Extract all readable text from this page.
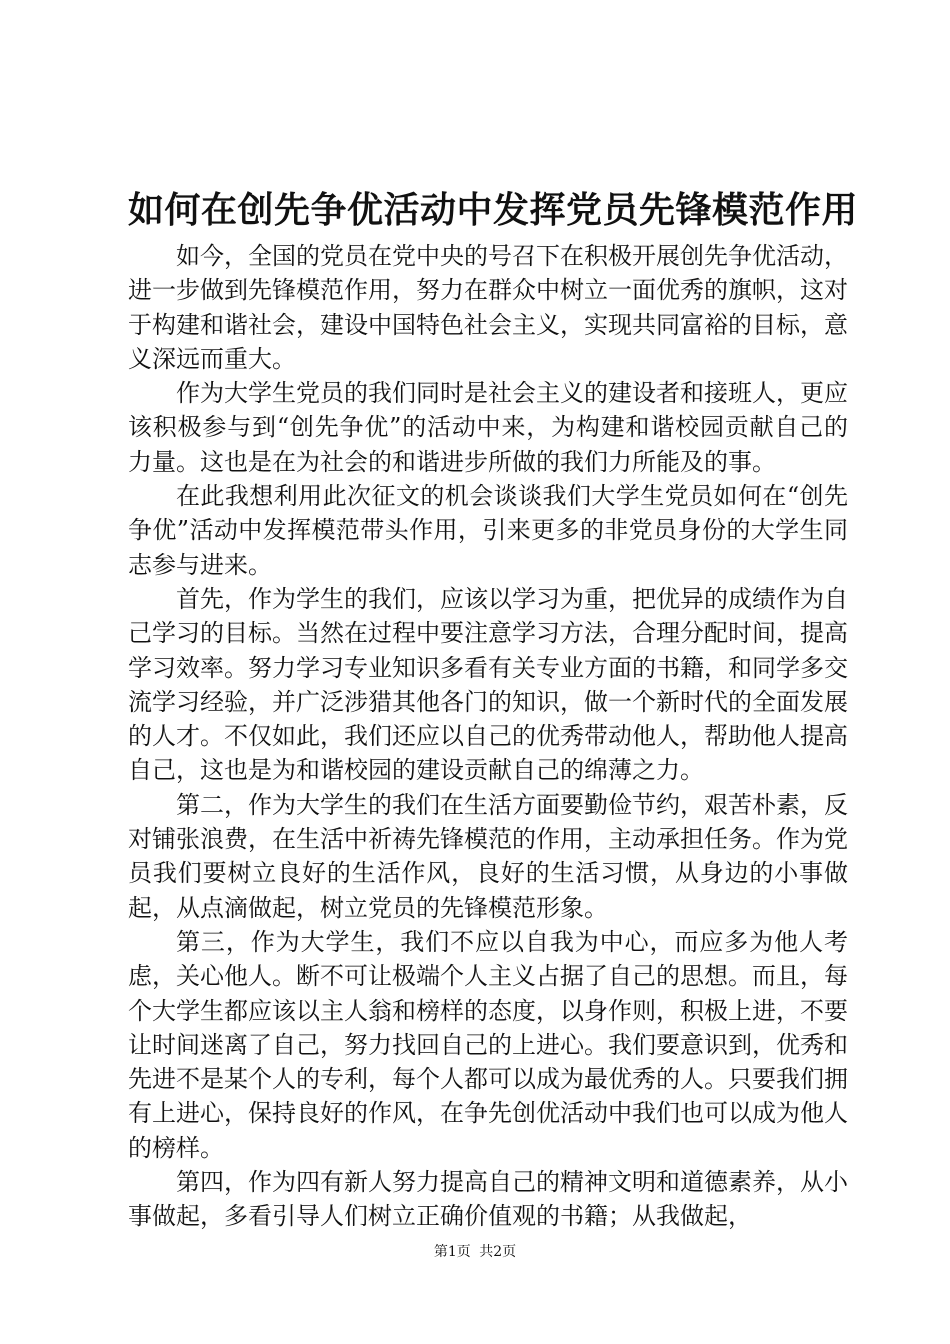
如何在创先争优活动中发挥党员先锋模范作用

如今，全国的党员在党中央的号召下在积极开展创先争优活动，进一步做到先锋模范作用，努力在群众中树立一面优秀的旗帜，这对于构建和谐社会，建设中国特色社会主义，实现共同富裕的目标，意义深远而重大。

作为大学生党员的我们同时是社会主义的建设者和接班人，更应该积极参与到“创先争优”的活动中来，为构建和谐校园贡献自己的力量。这也是在为社会的和谐进步所做的我们力所能及的事。

在此我想利用此次征文的机会谈谈我们大学生党员如何在“创先争优”活动中发挥模范带头作用，引来更多的非党员身份的大学生同志参与进来。

首先，作为学生的我们，应该以学习为重，把优异的成绩作为自己学习的目标。当然在过程中要注意学习方法，合理分配时间，提高学习效率。努力学习专业知识多看有关专业方面的书籍，和同学多交流学习经验，并广泛涉猎其他各门的知识，做一个新时代的全面发展的人才。不仅如此，我们还应以自己的优秀带动他人，帮助他人提高自己，这也是为和谐校园的建设贡献自己的绵薄之力。

第二，作为大学生的我们在生活方面要勤俭节约，艰苦朴素，反对铺张浪费，在生活中祈祷先锋模范的作用，主动承担任务。作为党员我们要树立良好的生活作风，良好的生活习惯，从身边的小事做起，从点滴做起，树立党员的先锋模范形象。

第三，作为大学生，我们不应以自我为中心，而应多为他人考虑，关心他人。断不可让极端个人主义占据了自己的思想。而且，每个大学生都应该以主人翁和榜样的态度，以身作则，积极上进，不要让时间迷离了自己，努力找回自己的上进心。我们要意识到，优秀和先进不是某个人的专利，每个人都可以成为最优秀的人。只要我们拥有上进心，保持良好的作风，在争先创优活动中我们也可以成为他人的榜样。

第四，作为四有新人努力提高自己的精神文明和道德素养，从小事做起，多看引导人们树立正确价值观的书籍；从我做起，

第1页 共2页
